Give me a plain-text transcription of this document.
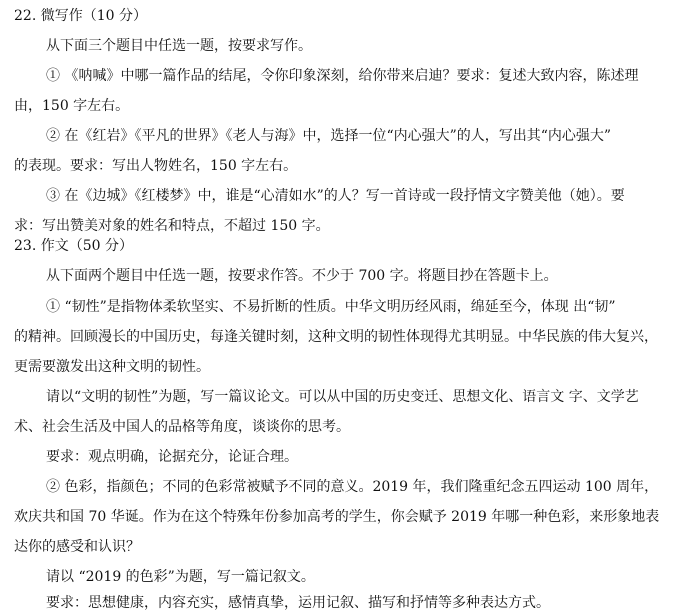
22. 微写作（10 分）
从下面三个题目中任选一题，按要求写作。
① 《呐喊》中哪一篇作品的结尾，令你印象深刻，给你带来启迪？要求：复述大致内容，陈述理
由，150 字左右。
② 在《红岩》《平凡的世界》《老人与海》中，选择一位“内心强大”的人，写出其“内心强大”
的表现。要求：写出人物姓名，150 字左右。
③ 在《边城》《红楼梦》中，谁是“心清如水”的人？写一首诗或一段抒情文字赞美他（她）。要
求：写出赞美对象的姓名和特点，不超过 150 字。
23. 作文（50 分）
从下面两个题目中任选一题，按要求作答。不少于 700 字。将题目抄在答题卡上。
① “韧性”是指物体柔软坚实、不易折断的性质。中华文明历经风雨，绵延至今，体现 出“韧”
的精神。回顾漫长的中国历史，每逢关键时刻，这种文明的韧性体现得尤其明显。中华民族的伟大复兴，
更需要激发出这种文明的韧性。
请以“文明的韧性”为题，写一篇议论文。可以从中国的历史变迁、思想文化、语言文 字、文学艺
术、社会生活及中国人的品格等角度，谈谈你的思考。
要求：观点明确，论据充分，论证合理。
② 色彩，指颜色；不同的色彩常被赋予不同的意义。2019 年，我们隆重纪念五四运动 100 周年，
欢庆共和国 70 华诞。作为在这个特殊年份参加高考的学生，你会赋予 2019 年哪一种色彩，来形象地表
达你的感受和认识？
请以 “2019 的色彩”为题，写一篇记叙文。
要求：思想健康，内容充实，感情真挚，运用记叙、描写和抒情等多种表达方式。
